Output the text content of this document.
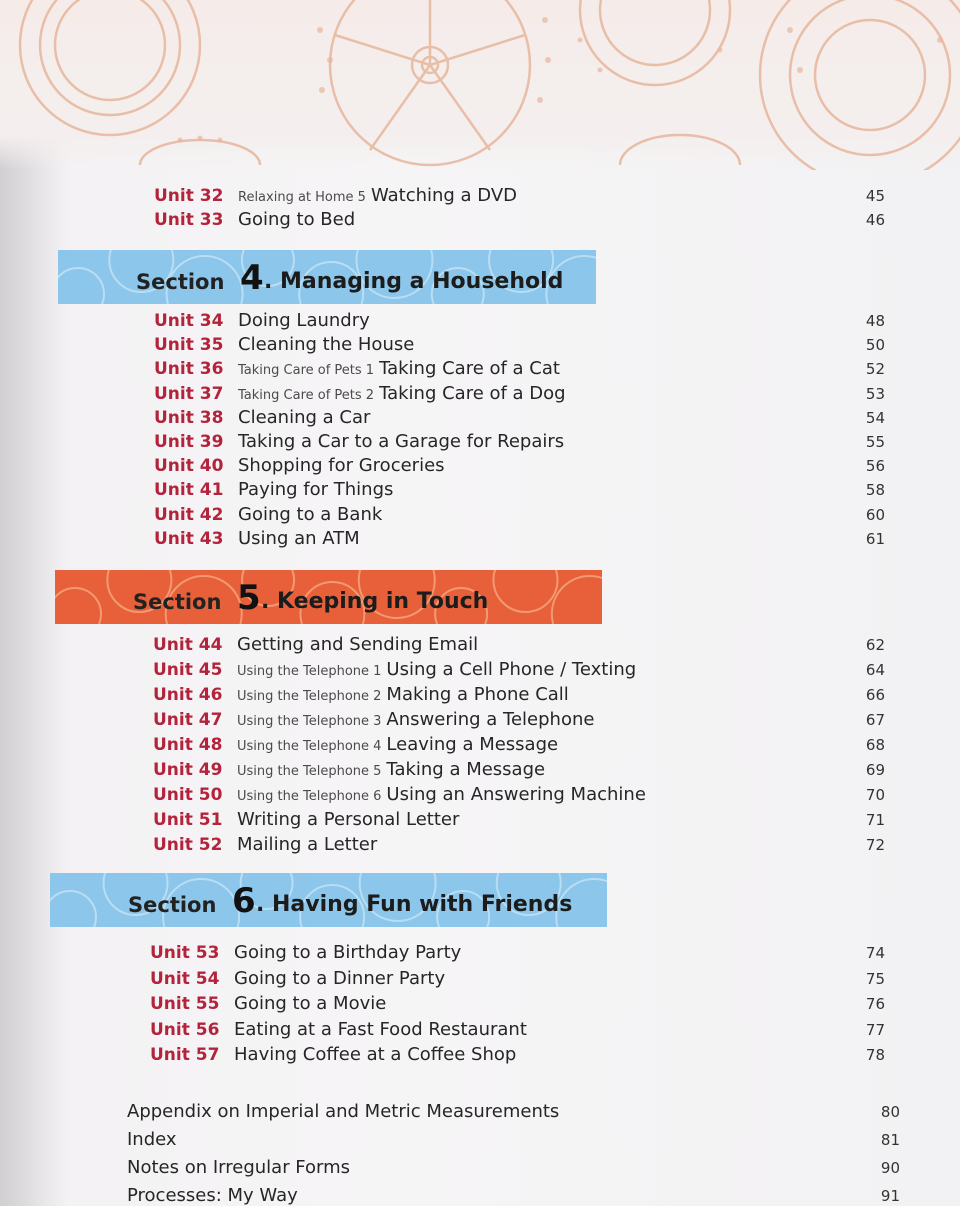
Unit 32 Relaxing at Home 5 Watching a DVD	45
Unit 33 Going to Bed	46
Section 4 . Managing a Household
Unit 34 Doing Laundry	48
Unit 35 Cleaning the House	50
Unit 36 Taking Care of Pets 1 Taking Care of a Cat	52
Unit 37 Taking Care of Pets 2 Taking Care of a Dog	53
Unit 38 Cleaning a Car	54
Unit 39 Taking a Car to a Garage for Repairs	55
Unit 40 Shopping for Groceries	56
Unit 41 Paying for Things	58
Unit 42 Going to a Bank	60
Unit 43 Using an ATM	61
Section 5 . Keeping in Touch
Unit 44 Getting and Sending Email	62
Unit 45 Using the Telephone 1 Using a Cell Phone / Texting	64
Unit 46 Using the Telephone 2 Making a Phone Call	66
Unit 47 Using the Telephone 3 Answering a Telephone	67
Unit 48 Using the Telephone 4 Leaving a Message	68
Unit 49 Using the Telephone 5 Taking a Message	69
Unit 50 Using the Telephone 6 Using an Answering Machine	70
Unit 51 Writing a Personal Letter	71
Unit 52 Mailing a Letter	72
Section 6 . Having Fun with Friends
Unit 53 Going to a Birthday Party	74
Unit 54 Going to a Dinner Party	75
Unit 55 Going to a Movie	76
Unit 56 Eating at a Fast Food Restaurant	77
Unit 57 Having Coffee at a Coffee Shop	78
Appendix on Imperial and Metric Measurements	80
Index	81
Notes on Irregular Forms	90
Processes: My Way	91
